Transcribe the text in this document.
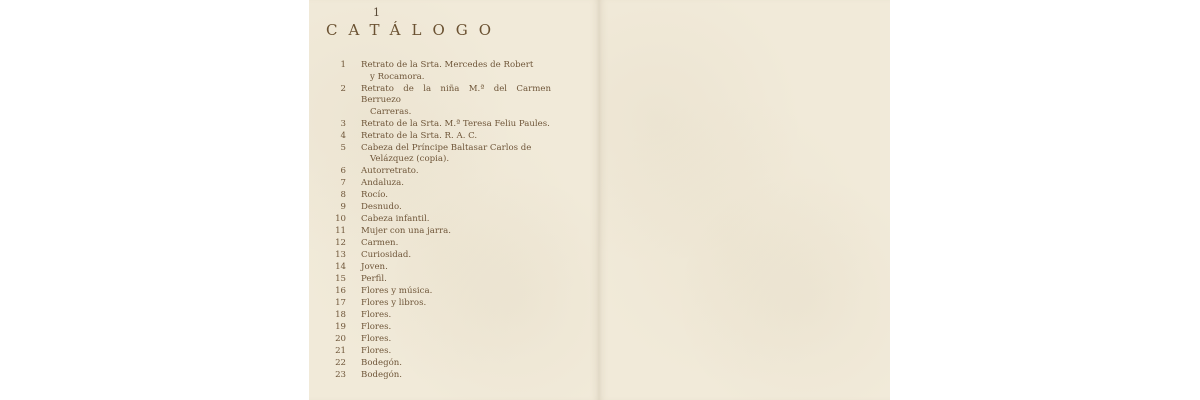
1
CATÁLOGO
1	Retrato de la Srta. Mercedes de Robert
y Rocamora.
2	Retrato de la niña M.ª del Carmen Berruezo
Carreras.
3	Retrato de la Srta. M.ª Teresa Feliu Paules.
4	Retrato de la Srta. R. A. C.
5	Cabeza del Príncipe Baltasar Carlos de
Velázquez (copia).
6	Autorretrato.
7	Andaluza.
8	Rocío.
9	Desnudo.
10	Cabeza infantil.
11	Mujer con una jarra.
12	Carmen.
13	Curiosidad.
14	Joven.
15	Perfil.
16	Flores y música.
17	Flores y libros.
18	Flores.
19	Flores.
20	Flores.
21	Flores.
22	Bodegón.
23	Bodegón.
